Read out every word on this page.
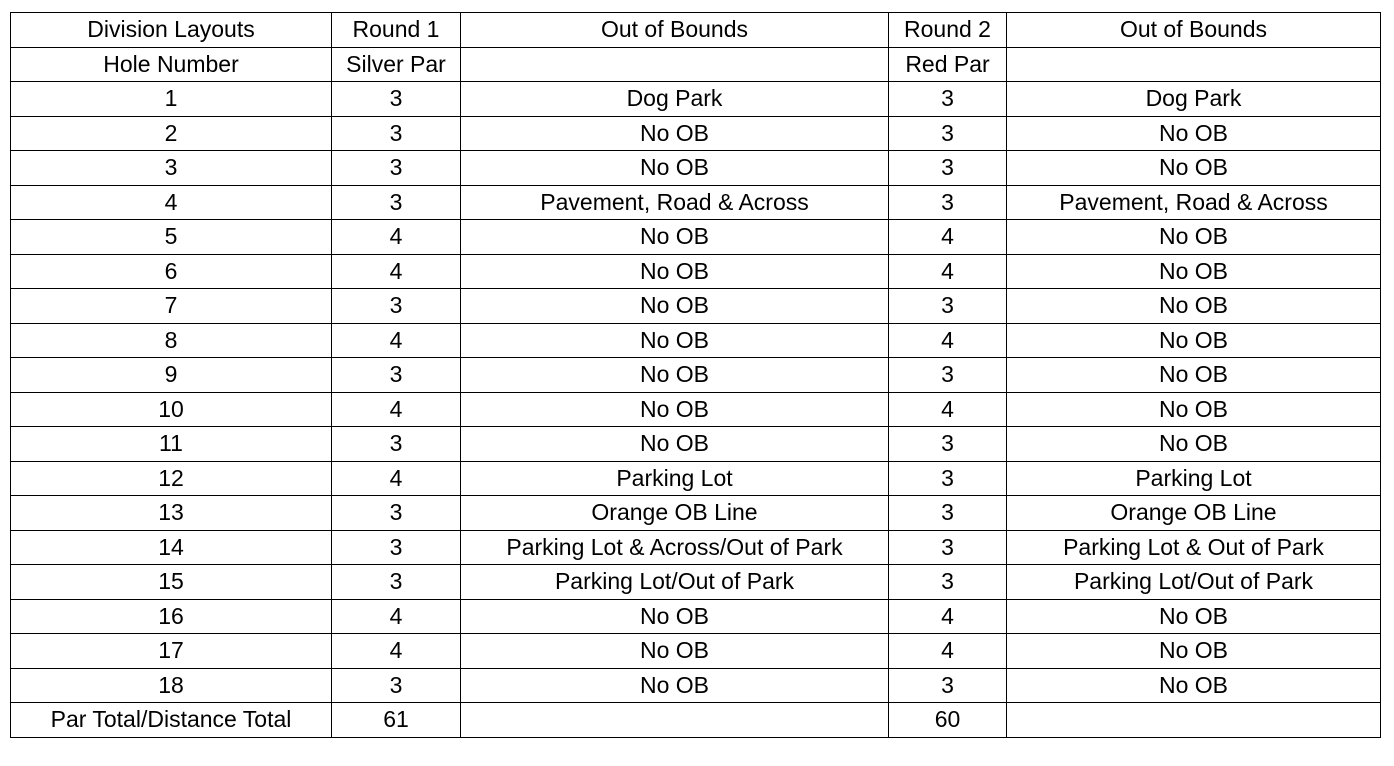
Division Layouts	Round 1	Out of Bounds	Round 2	Out of Bounds
Hole Number	Silver Par		Red Par	
1	3	Dog Park	3	Dog Park
2	3	No OB	3	No OB
3	3	No OB	3	No OB
4	3	Pavement, Road & Across	3	Pavement, Road & Across
5	4	No OB	4	No OB
6	4	No OB	4	No OB
7	3	No OB	3	No OB
8	4	No OB	4	No OB
9	3	No OB	3	No OB
10	4	No OB	4	No OB
11	3	No OB	3	No OB
12	4	Parking Lot	3	Parking Lot
13	3	Orange OB Line	3	Orange OB Line
14	3	Parking Lot & Across/Out of Park	3	Parking Lot & Out of Park
15	3	Parking Lot/Out of Park	3	Parking Lot/Out of Park
16	4	No OB	4	No OB
17	4	No OB	4	No OB
18	3	No OB	3	No OB
Par Total/Distance Total	61		60	
